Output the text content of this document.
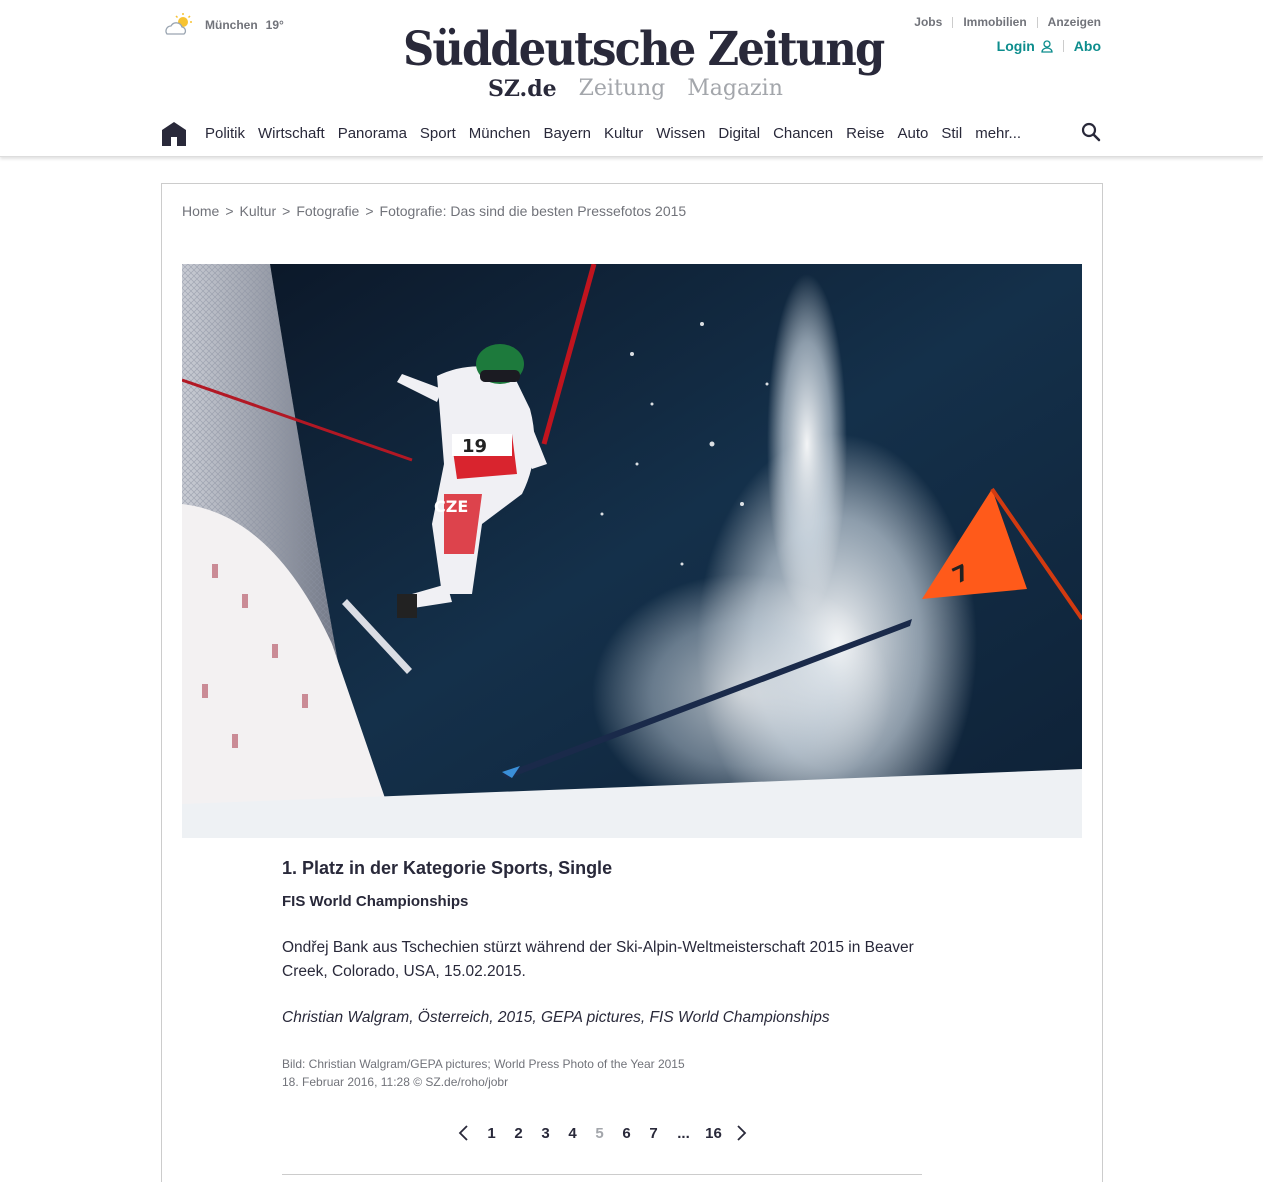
München 19°	Süddeutsche Zeitung
SZ.de Zeitung Magazin
Jobs Immobilien Anzeigen
Login	Abo
Politik Wirtschaft Panorama Sport München Bayern Kultur Wissen Digital Chancen Reise Auto Stil mehr...
Home > Kultur > Fotografie > Fotografie: Das sind die besten Pressefotos 2015
7
19
CZE
1. Platz in der Kategorie Sports, Single
FIS World Championships
Ondřej Bank aus Tschechien stürzt während der Ski-Alpin-Weltmeisterschaft 2015 in Beaver Creek, Colorado, USA, 15.02.2015.
Christian Walgram, Österreich, 2015, GEPA pictures, FIS World Championships
Bild: Christian Walgram/GEPA pictures; World Press Photo of the Year 2015
18. Februar 2016, 11:28 © SZ.de/roho/jobr
1	2	3	4	5	6	7	...	16
